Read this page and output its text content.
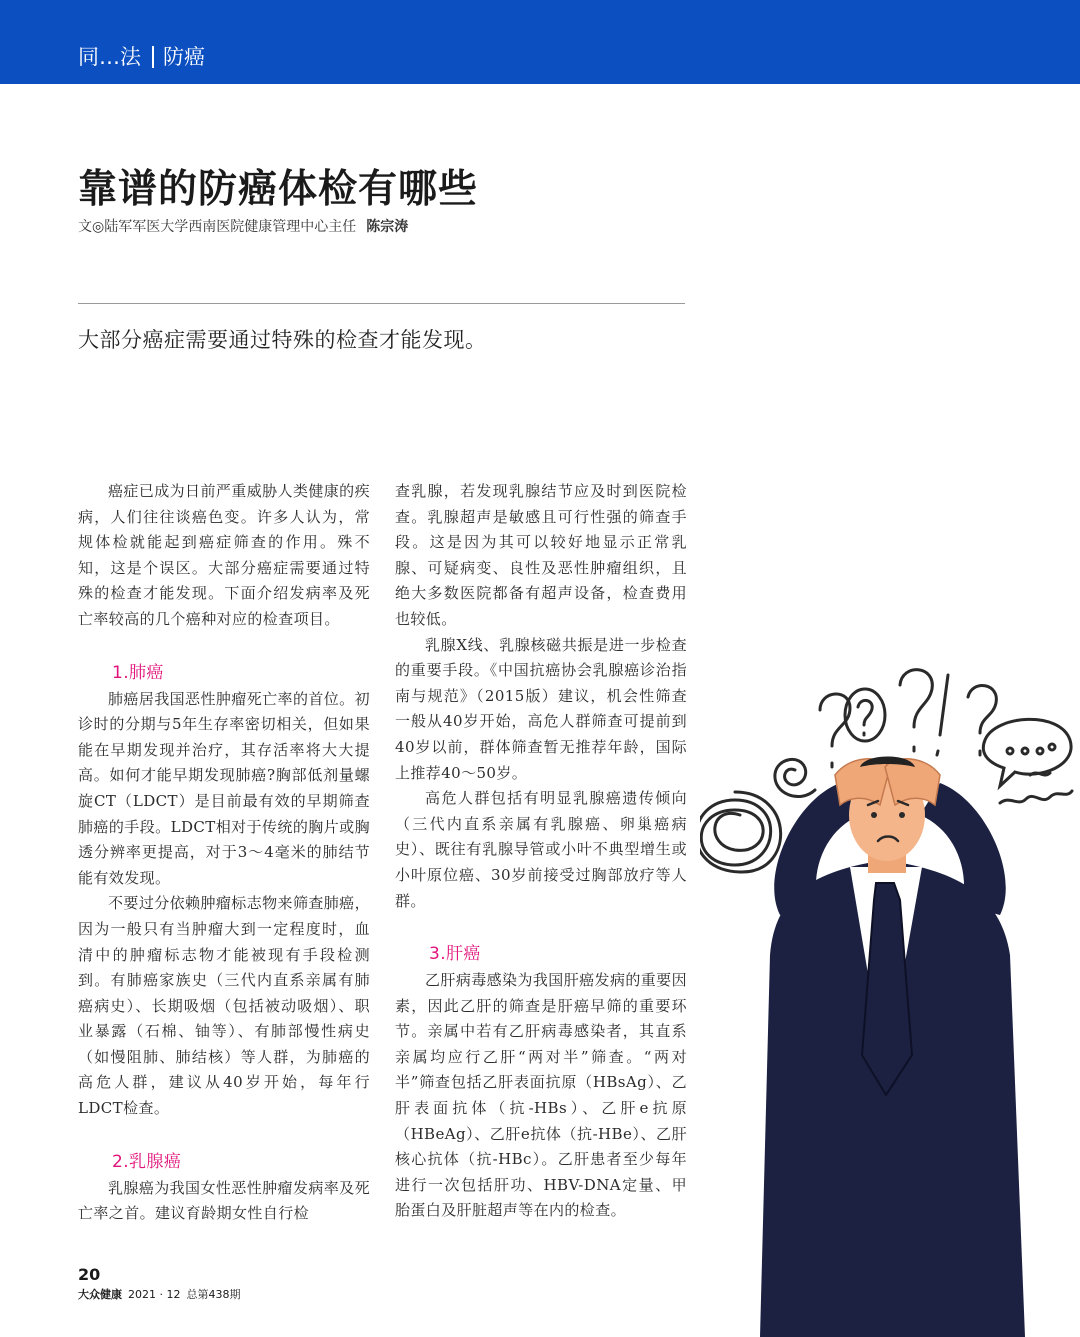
同…法 防癌
靠谱的防癌体检有哪些
文◎陆军军医大学西南医院健康管理中心主任 陈宗涛
大部分癌症需要通过特殊的检查才能发现。

癌症已成为日前严重威胁人类健康的疾病，人们往往谈癌色变。许多人认为，常规体检就能起到癌症筛查的作用。殊不知，这是个误区。大部分癌症需要通过特殊的检查才能发现。下面介绍发病率及死亡率较高的几个癌种对应的检查项目。

1.肺癌

肺癌居我国恶性肿瘤死亡率的首位。初诊时的分期与5年生存率密切相关，但如果能在早期发现并治疗，其存活率将大大提高。如何才能早期发现肺癌?胸部低剂量螺旋CT（LDCT）是目前最有效的早期筛查肺癌的手段。LDCT相对于传统的胸片或胸透分辨率更提高，对于3～4毫米的肺结节能有效发现。

不要过分依赖肿瘤标志物来筛查肺癌，因为一般只有当肿瘤大到一定程度时，血清中的肿瘤标志物才能被现有手段检测到。有肺癌家族史（三代内直系亲属有肺癌病史）、长期吸烟（包括被动吸烟）、职业暴露（石棉、铀等）、有肺部慢性病史（如慢阻肺、肺结核）等人群，为肺癌的高危人群，建议从40岁开始，每年行LDCT检查。

2.乳腺癌

乳腺癌为我国女性恶性肿瘤发病率及死亡率之首。建议育龄期女性自行检

查乳腺，若发现乳腺结节应及时到医院检查。乳腺超声是敏感且可行性强的筛查手段。这是因为其可以较好地显示正常乳腺、可疑病变、良性及恶性肿瘤组织，且绝大多数医院都备有超声设备，检查费用也较低。

乳腺X线、乳腺核磁共振是进一步检查的重要手段。《中国抗癌协会乳腺癌诊治指南与规范》（2015版）建议，机会性筛查一般从40岁开始，高危人群筛查可提前到40岁以前，群体筛查暂无推荐年龄，国际上推荐40～50岁。

高危人群包括有明显乳腺癌遗传倾向（三代内直系亲属有乳腺癌、卵巢癌病史）、既往有乳腺导管或小叶不典型增生或小叶原位癌、30岁前接受过胸部放疗等人群。

3.肝癌

乙肝病毒感染为我国肝癌发病的重要因素，因此乙肝的筛查是肝癌早筛的重要环节。亲属中若有乙肝病毒感染者，其直系亲属均应行乙肝“两对半”筛查。“两对半”筛查包括乙肝表面抗原（HBsAg）、乙肝表面抗体（抗-HBs）、乙肝e抗原（HBeAg）、乙肝e抗体（抗-HBe）、乙肝核心抗体（抗-HBc）。乙肝患者至少每年进行一次包括肝功、HBV-DNA定量、甲胎蛋白及肝脏超声等在内的检查。

20
大众健康 2021 · 12 总第438期
